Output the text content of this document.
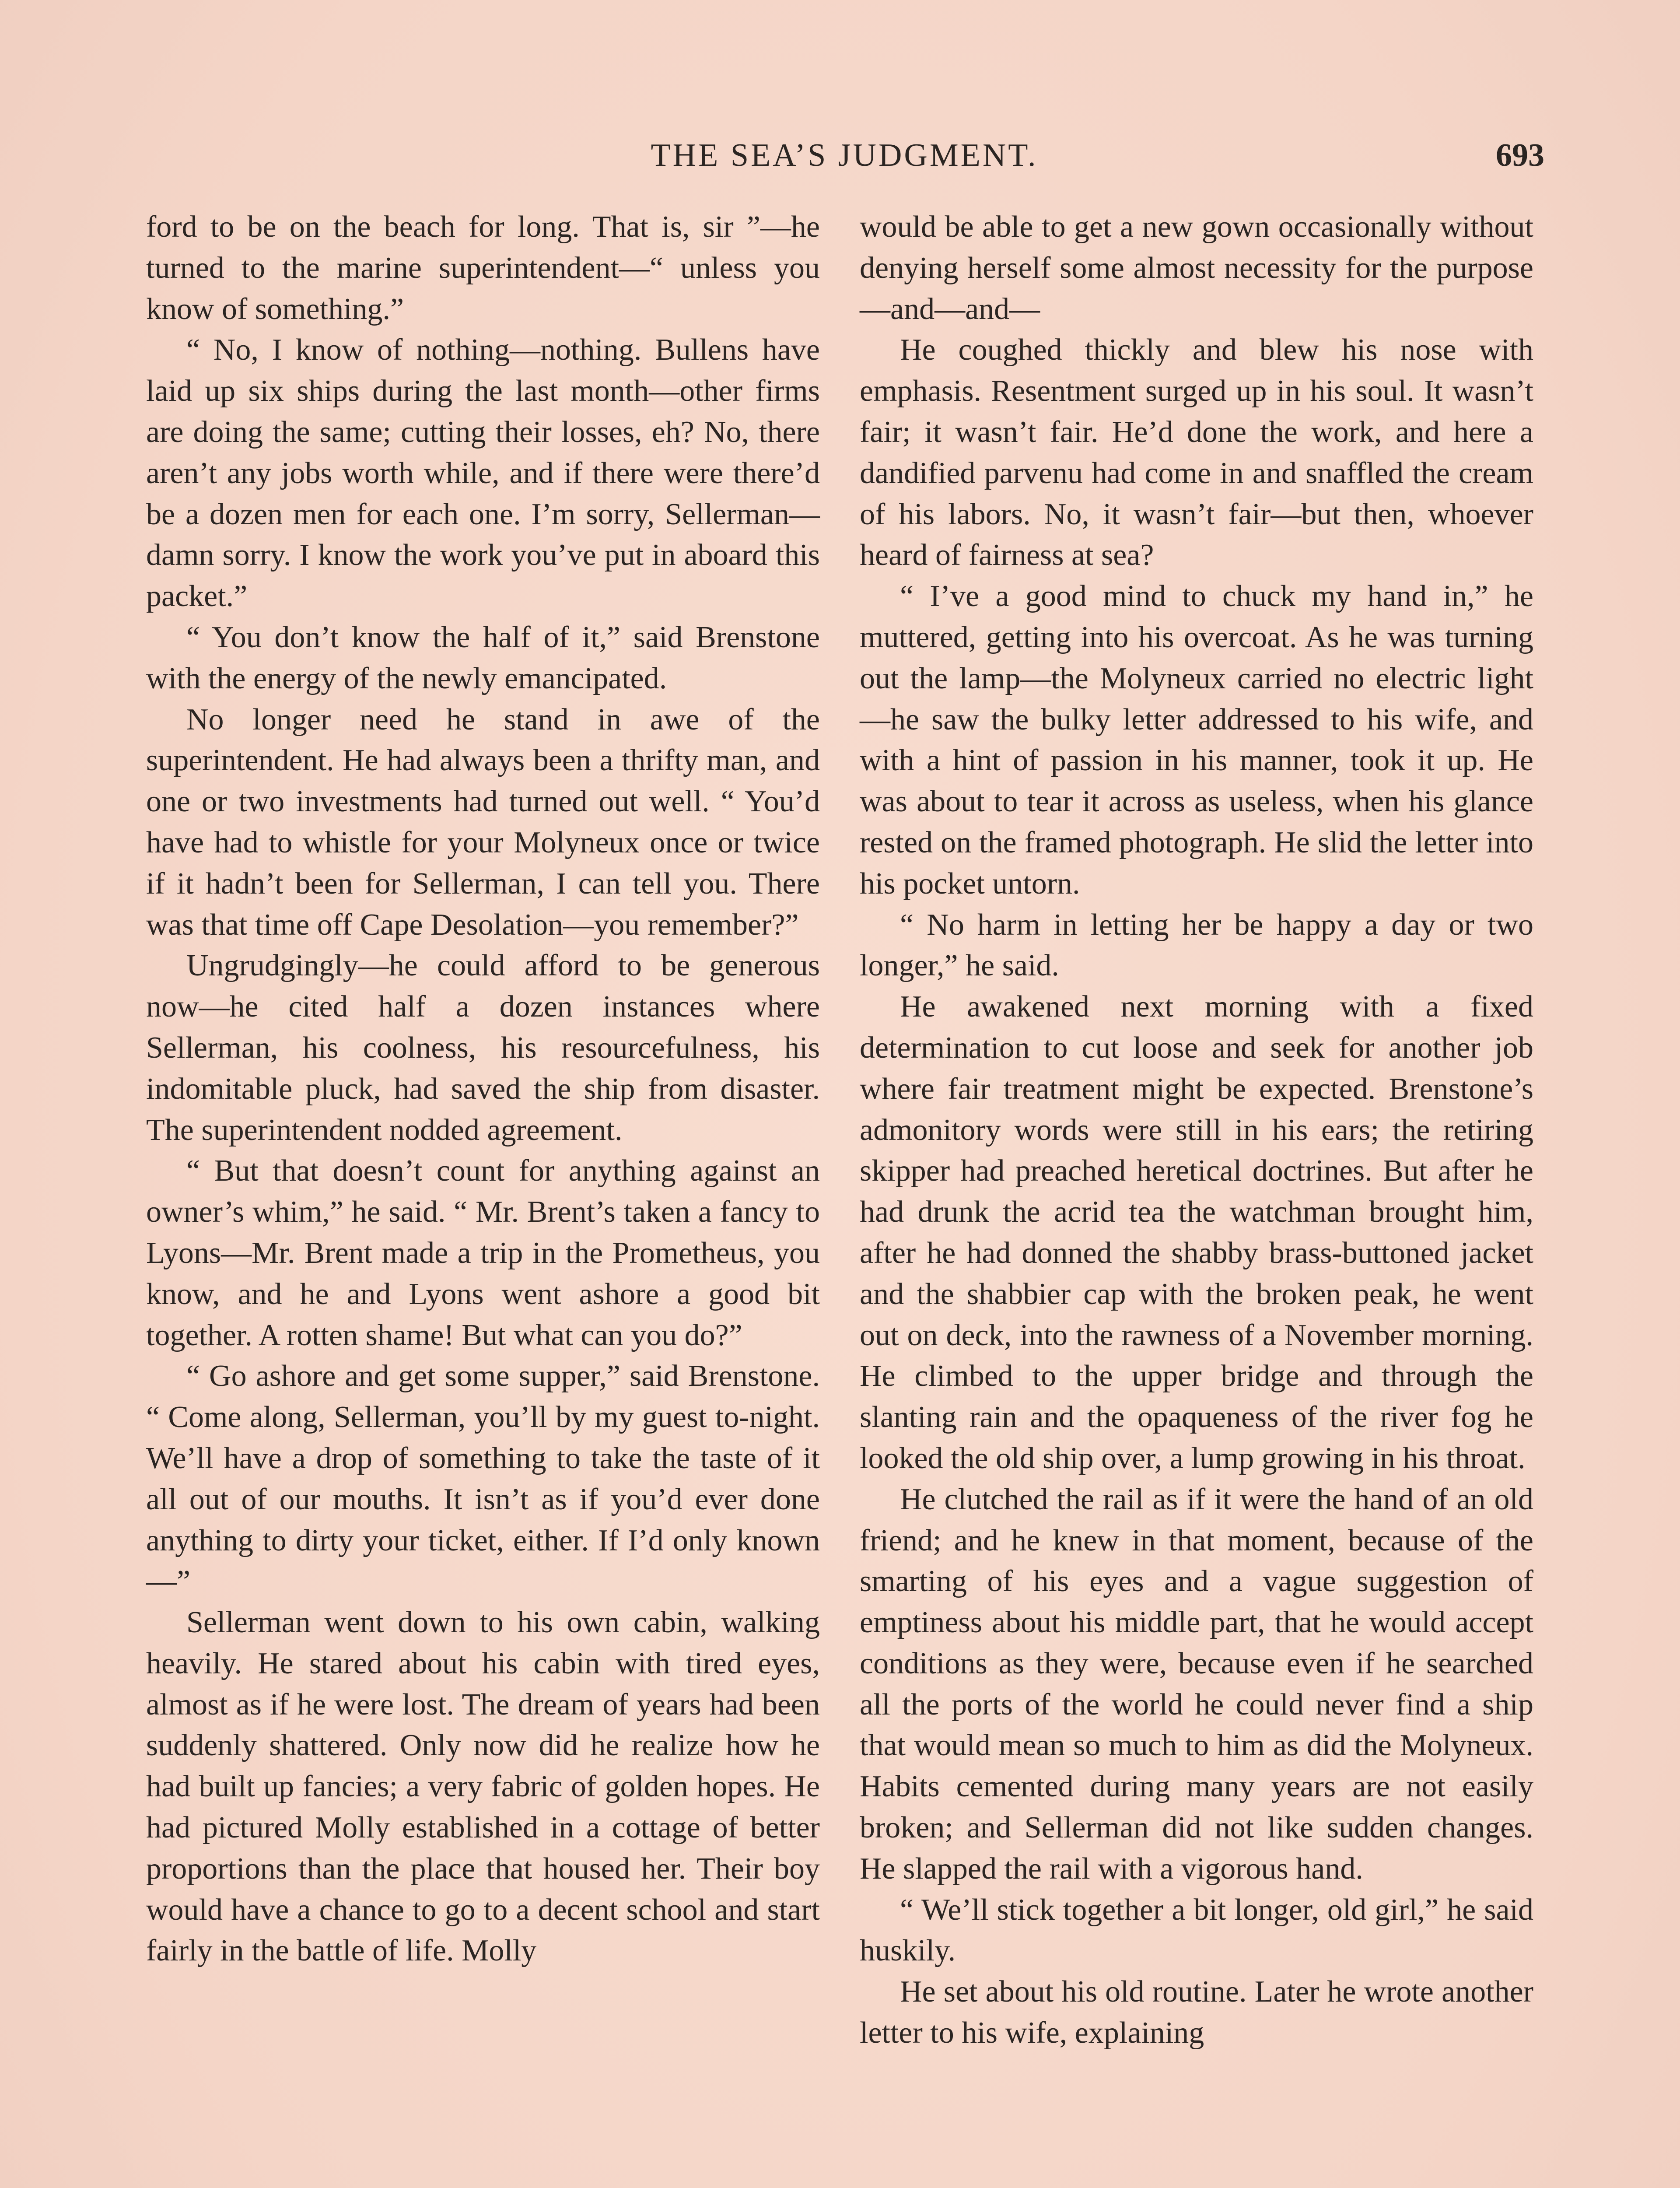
THE SEA’S JUDGMENT.	693

ford to be on the beach for long. That is, sir ”—he turned to the marine superintendent—“ unless you know of something.”

“ No, I know of nothing—nothing. Bullens have laid up six ships during the last month—other firms are doing the same; cutting their losses, eh? No, there aren’t any jobs worth while, and if there were there’d be a dozen men for each one. I’m sorry, Sellerman—damn sorry. I know the work you’ve put in aboard this packet.”

“ You don’t know the half of it,” said Brenstone with the energy of the newly emancipated.

No longer need he stand in awe of the superintendent. He had always been a thrifty man, and one or two investments had turned out well. “ You’d have had to whistle for your Molyneux once or twice if it hadn’t been for Sellerman, I can tell you. There was that time off Cape Desolation—you remember?”

Ungrudgingly—he could afford to be generous now—he cited half a dozen instances where Sellerman, his coolness, his resourcefulness, his indomitable pluck, had saved the ship from disaster. The superintendent nodded agreement.

“ But that doesn’t count for anything against an owner’s whim,” he said. “ Mr. Brent’s taken a fancy to Lyons—Mr. Brent made a trip in the Prometheus, you know, and he and Lyons went ashore a good bit together. A rotten shame! But what can you do?”

“ Go ashore and get some supper,” said Brenstone. “ Come along, Sellerman, you’ll by my guest to-night. We’ll have a drop of something to take the taste of it all out of our mouths. It isn’t as if you’d ever done anything to dirty your ticket, either. If I’d only known—”

Sellerman went down to his own cabin, walking heavily. He stared about his cabin with tired eyes, almost as if he were lost. The dream of years had been suddenly shattered. Only now did he realize how he had built up fancies; a very fabric of golden hopes. He had pictured Molly established in a cottage of better proportions than the place that housed her. Their boy would have a chance to go to a decent school and start fairly in the battle of life. Molly

would be able to get a new gown occasionally without denying herself some almost necessity for the purpose—and—and—

He coughed thickly and blew his nose with emphasis. Resentment surged up in his soul. It wasn’t fair; it wasn’t fair. He’d done the work, and here a dandified parvenu had come in and snaffled the cream of his labors. No, it wasn’t fair—but then, whoever heard of fairness at sea?

“ I’ve a good mind to chuck my hand in,” he muttered, getting into his overcoat. As he was turning out the lamp—the Molyneux carried no electric light—he saw the bulky letter addressed to his wife, and with a hint of passion in his manner, took it up. He was about to tear it across as useless, when his glance rested on the framed photograph. He slid the letter into his pocket untorn.

“ No harm in letting her be happy a day or two longer,” he said.

He awakened next morning with a fixed determination to cut loose and seek for another job where fair treatment might be expected. Brenstone’s admonitory words were still in his ears; the retiring skipper had preached heretical doctrines. But after he had drunk the acrid tea the watchman brought him, after he had donned the shabby brass-buttoned jacket and the shabbier cap with the broken peak, he went out on deck, into the rawness of a November morning. He climbed to the upper bridge and through the slanting rain and the opaqueness of the river fog he looked the old ship over, a lump growing in his throat.

He clutched the rail as if it were the hand of an old friend; and he knew in that moment, because of the smarting of his eyes and a vague suggestion of emptiness about his middle part, that he would accept conditions as they were, because even if he searched all the ports of the world he could never find a ship that would mean so much to him as did the Molyneux. Habits cemented during many years are not easily broken; and Sellerman did not like sudden changes. He slapped the rail with a vigorous hand.

“ We’ll stick together a bit longer, old girl,” he said huskily.

He set about his old routine. Later he wrote another letter to his wife, explaining
